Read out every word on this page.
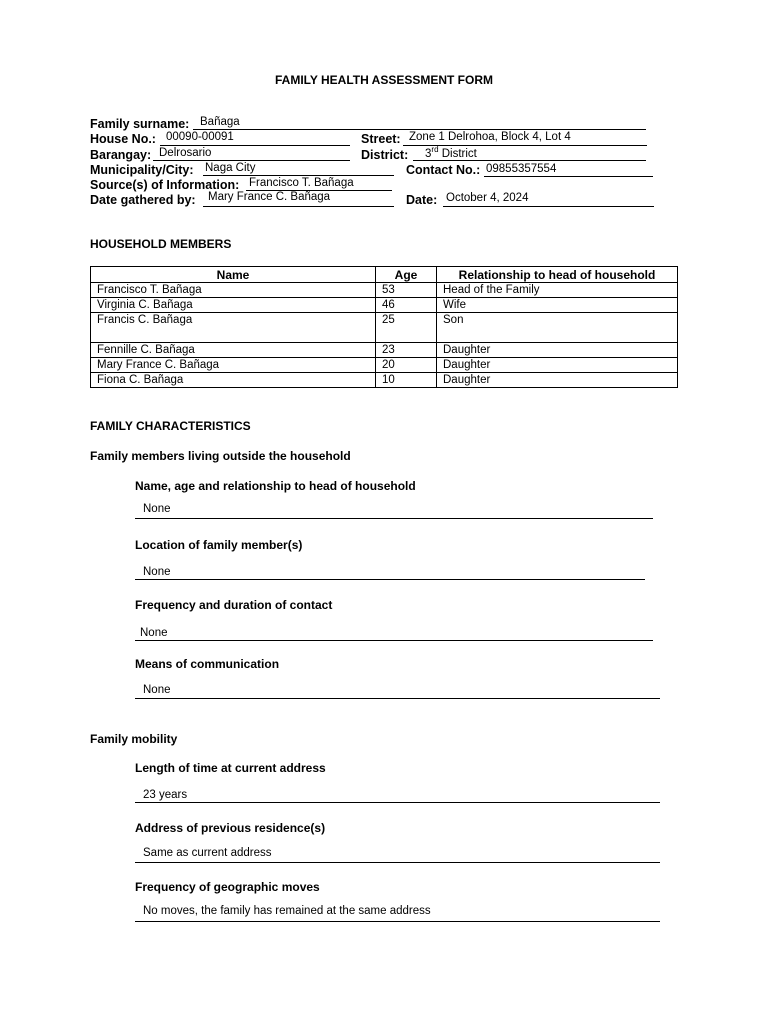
FAMILY HEALTH ASSESSMENT FORM
Family surname: Bañaga
House No.: 00090-00091	Street: Zone 1 Delrohoa, Block 4, Lot 4
Barangay: Delrosario	District: 3rd District
Municipality/City: Naga City	Contact No.: 09855357554
Source(s) of Information: Francisco T. Bañaga
Date gathered by: Mary France C. Bañaga	Date: October 4, 2024
HOUSEHOLD MEMBERS
Name	Age	Relationship to head of household
Francisco T. Bañaga	53	Head of the Family
Virginia C. Bañaga	46	Wife
Francis C. Bañaga	25	Son
Fennille C. Bañaga	23	Daughter
Mary France C. Bañaga	20	Daughter
Fiona C. Bañaga	10	Daughter
FAMILY CHARACTERISTICS
Family members living outside the household
Name, age and relationship to head of household
None
Location of family member(s)
None
Frequency and duration of contact
None
Means of communication
None
Family mobility
Length of time at current address
23 years
Address of previous residence(s)
Same as current address
Frequency of geographic moves
No moves, the family has remained at the same address
